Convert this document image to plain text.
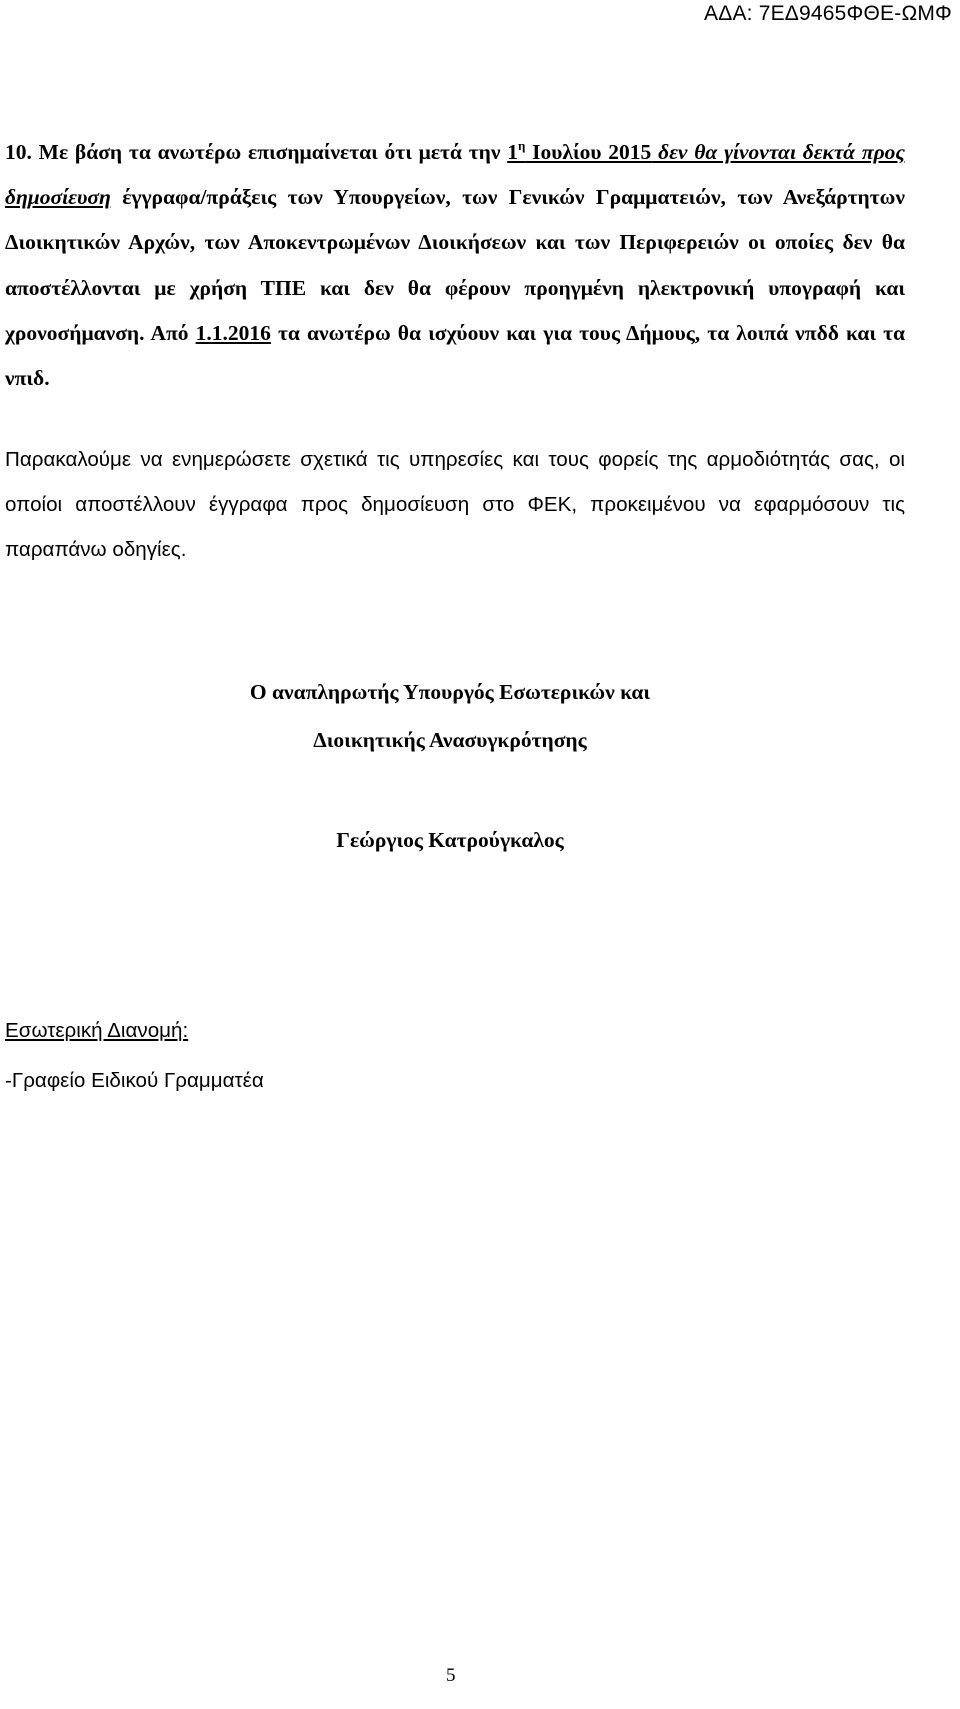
ΑΔΑ: 7ΕΔ9465ΦΘΕ-ΩΜΦ
10. Με βάση τα ανωτέρω επισημαίνεται ότι μετά την $1^\eta$ Ιουλίου 2015 δεν θα γίνονται δεκτά προς δημοσίευση έγγραφα/πράξεις των Υπουργείων, των Γενικών Γραμματειών, των Ανεξάρτητων Διοικητικών Αρχών, των Αποκεντρωμένων Διοικήσεων και των Περιφερειών οι οποίες δεν θα αποστέλλονται με χρήση ΤΠΕ και δεν θα φέρουν προηγμένη ηλεκτρονική υπογραφή και χρονοσήμανση. Από 1.1.2016 τα ανωτέρω θα ισχύουν και για τους Δήμους, τα λοιπά νπδδ και τα νπιδ.
Παρακαλούμε να ενημερώσετε σχετικά τις υπηρεσίες και τους φορείς της αρμοδιότητάς σας, οι οποίοι αποστέλλουν έγγραφα προς δημοσίευση στο ΦΕΚ, προκειμένου να εφαρμόσουν τις παραπάνω οδηγίες.
Ο αναπληρωτής Υπουργός Εσωτερικών και
Διοικητικής Ανασυγκρότησης
Γεώργιος Κατρούγκαλος
Εσωτερική Διανομή:
-Γραφείο Ειδικού Γραμματέα
5
